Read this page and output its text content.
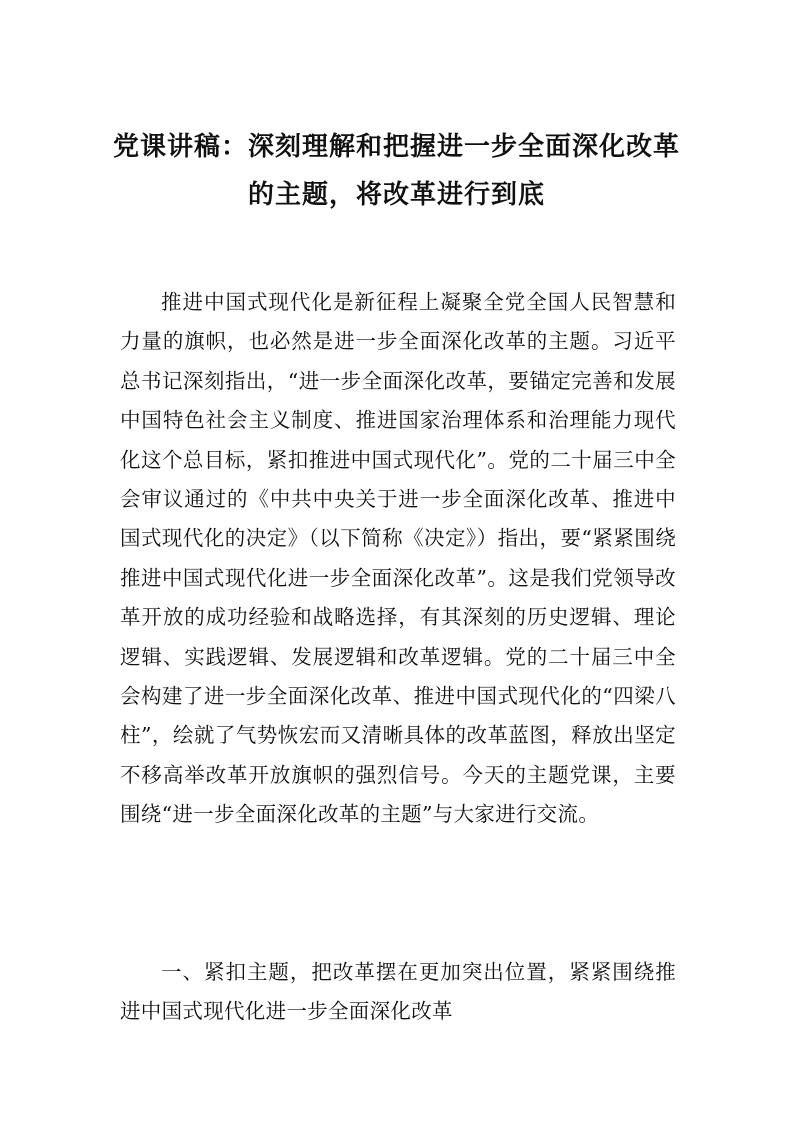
党课讲稿：深刻理解和把握进一步全面深化改革的主题，将改革进行到底

推进中国式现代化是新征程上凝聚全党全国人民智慧和力量的旗帜，也必然是进一步全面深化改革的主题。习近平总书记深刻指出，“进一步全面深化改革，要锚定完善和发展中国特色社会主义制度、推进国家治理体系和治理能力现代化这个总目标，紧扣推进中国式现代化”。党的二十届三中全会审议通过的《中共中央关于进一步全面深化改革、推进中国式现代化的决定》（以下简称《决定》）指出，要“紧紧围绕推进中国式现代化进一步全面深化改革”。这是我们党领导改革开放的成功经验和战略选择，有其深刻的历史逻辑、理论逻辑、实践逻辑、发展逻辑和改革逻辑。党的二十届三中全会构建了进一步全面深化改革、推进中国式现代化的“四梁八柱”，绘就了气势恢宏而又清晰具体的改革蓝图，释放出坚定不移高举改革开放旗帜的强烈信号。今天的主题党课，主要围绕“进一步全面深化改革的主题”与大家进行交流。

一、紧扣主题，把改革摆在更加突出位置，紧紧围绕推进中国式现代化进一步全面深化改革
